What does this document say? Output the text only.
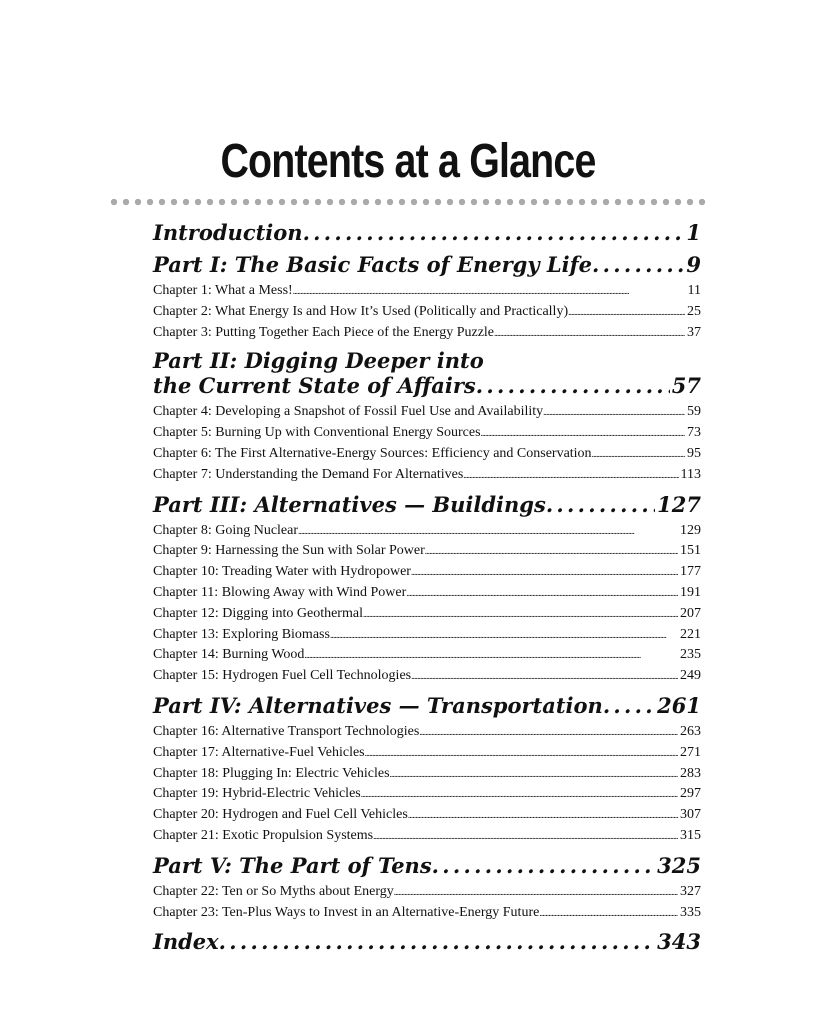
Contents at a Glance
Introduction . . .	1
Part I: The Basic Facts of Energy Life . . .	9
Chapter 1: What a Mess! . . .	11
Chapter 2: What Energy Is and How It’s Used (Politically and Practically) . . .	25
Chapter 3: Putting Together Each Piece of the Energy Puzzle . . .	37
Part II: Digging Deeper into
the Current State of Affairs . . .	57
Chapter 4: Developing a Snapshot of Fossil Fuel Use and Availability . . .	59
Chapter 5: Burning Up with Conventional Energy Sources . . .	73
Chapter 6: The First Alternative-Energy Sources: Efficiency and Conservation . . .	95
Chapter 7: Understanding the Demand For Alternatives . . .	113
Part III: Alternatives — Buildings . . .	127
Chapter 8: Going Nuclear . . .	129
Chapter 9: Harnessing the Sun with Solar Power . . .	151
Chapter 10: Treading Water with Hydropower . . .	177
Chapter 11: Blowing Away with Wind Power . . .	191
Chapter 12: Digging into Geothermal . . .	207
Chapter 13: Exploring Biomass . . .	221
Chapter 14: Burning Wood . . .	235
Chapter 15: Hydrogen Fuel Cell Technologies . . .	249
Part IV: Alternatives — Transportation . . .	261
Chapter 16: Alternative Transport Technologies . . .	263
Chapter 17: Alternative-Fuel Vehicles . . .	271
Chapter 18: Plugging In: Electric Vehicles . . .	283
Chapter 19: Hybrid-Electric Vehicles . . .	297
Chapter 20: Hydrogen and Fuel Cell Vehicles . . .	307
Chapter 21: Exotic Propulsion Systems . . .	315
Part V: The Part of Tens . . .	325
Chapter 22: Ten or So Myths about Energy . . .	327
Chapter 23: Ten-Plus Ways to Invest in an Alternative-Energy Future . . .	335
Index . . .	343
